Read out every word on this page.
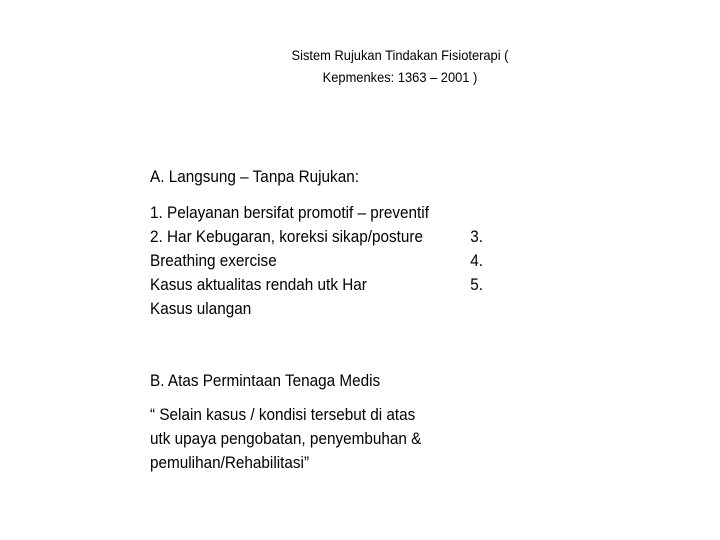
Sistem Rujukan Tindakan Fisioterapi (
Kepmenkes: 1363 – 2001 )
A. Langsung – Tanpa Rujukan:
1. Pelayanan bersifat promotif – preventif
2. Har Kebugaran, koreksi sikap/posture	3.
Breathing exercise	4.
Kasus aktualitas rendah utk Har	5.
Kasus ulangan
B. Atas Permintaan Tenaga Medis
“ Selain kasus / kondisi tersebut di atas
utk upaya pengobatan, penyembuhan &
pemulihan/Rehabilitasi”
